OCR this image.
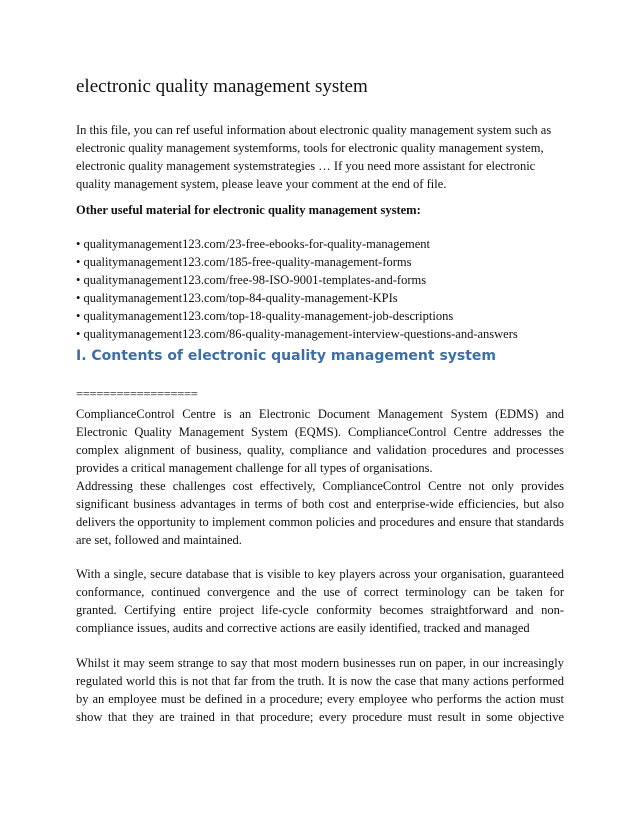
electronic quality management system
In this file, you can ref useful information about electronic quality management system such as
electronic quality management systemforms, tools for electronic quality management system,
electronic quality management systemstrategies … If you need more assistant for electronic
quality management system, please leave your comment at the end of file.
Other useful material for electronic quality management system:
• qualitymanagement123.com/23-free-ebooks-for-quality-management
• qualitymanagement123.com/185-free-quality-management-forms
• qualitymanagement123.com/free-98-ISO-9001-templates-and-forms
• qualitymanagement123.com/top-84-quality-management-KPIs
• qualitymanagement123.com/top-18-quality-management-job-descriptions
• qualitymanagement123.com/86-quality-management-interview-questions-and-answers
I. Contents of electronic quality management system
==================
ComplianceControl Centre is an Electronic Document Management System (EDMS) and
Electronic Quality Management System (EQMS). ComplianceControl Centre addresses the
complex alignment of business, quality, compliance and validation procedures and processes
provides a critical management challenge for all types of organisations.
Addressing these challenges cost effectively, ComplianceControl Centre not only provides
significant business advantages in terms of both cost and enterprise-wide efficiencies, but also
delivers the opportunity to implement common policies and procedures and ensure that standards
are set, followed and maintained.
With a single, secure database that is visible to key players across your organisation, guaranteed
conformance, continued convergence and the use of correct terminology can be taken for
granted. Certifying entire project life-cycle conformity becomes straightforward and non-
compliance issues, audits and corrective actions are easily identified, tracked and managed
Whilst it may seem strange to say that most modern businesses run on paper, in our increasingly
regulated world this is not that far from the truth. It is now the case that many actions performed
by an employee must be defined in a procedure; every employee who performs the action must
show that they are trained in that procedure; every procedure must result in some objective
